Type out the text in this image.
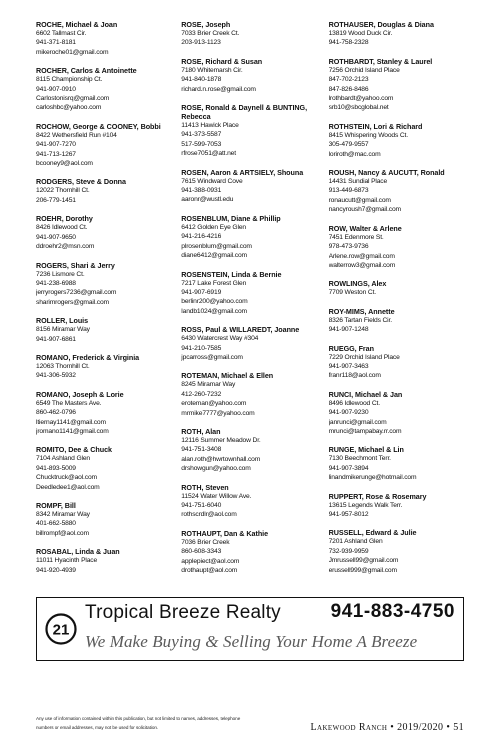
ROCHE, Michael & Joan
6602 Tallmast Cir.
941-371-8181
mikeroche01@gmail.com
ROCHER, Carlos & Antoinette
8115 Championship Ct.
941-907-0910
Carlostonisrq@gmail.com
carloshbc@yahoo.com
ROCHOW, George & COONEY, Bobbi
8422 Wethersfield Run #104
941-907-7270
941-713-1267
bcooney9@aol.com
RODGERS, Steve & Donna
12022 Thornhill Ct.
206-779-1451
ROEHR, Dorothy
8426 Idlewood Ct.
941-907-9650
ddroehr2@msn.com
ROGERS, Shari & Jerry
7236 Lismore Ct.
941-238-6988
jerryrogers7236@gmail.com
sharimrogers@gmail.com
ROLLER, Louis
8156 Miramar Way
941-907-6861
ROMANO, Frederick & Virginia
12063 Thornhill Ct.
941-306-5932
ROMANO, Joseph & Lorie
6549 The Masters Ave.
860-462-0796
ltiernay1141@gmail.com
jromano1141@gmail.com
ROMITO, Dee & Chuck
7104 Ashland Glen
941-893-5009
Chucktruck@aol.com
Deedledee1@aol.com
ROMPF, Bill
8342 Miramar Way
401-662-5880
billrompf@aol.com
ROSABAL, Linda & Juan
11011 Hyacinth Place
941-920-4939
ROSE, Joseph
7033 Brier Creek Ct.
203-913-1123
ROSE, Richard & Susan
7180 Whitemarsh Cir.
941-840-1878
richard.n.rose@gmail.com
ROSE, Ronald & Daynell & BUNTING, Rebecca
11413 Hawick Place
941-373-5587
517-599-7053
rfrose7051@att.net
ROSEN, Aaron & ARTSIELY, Shouna
7615 Windward Cove
941-388-0931
aaronr@wustl.edu
ROSENBLUM, Diane & Phillip
6412 Golden Eye Glen
941-216-4216
plrosenblum@gmail.com
diane6412@gmail.com
ROSENSTEIN, Linda & Bernie
7217 Lake Forest Glen
941-907-6919
berlinr200@yahoo.com
landb1024@gmail.com
ROSS, Paul & WILLAREDT, Joanne
6430 Watercrest Way #304
941-210-7585
jpcarross@gmail.com
ROTEMAN, Michael & Ellen
8245 Miramar Way
412-260-7232
eroteman@yahoo.com
mrmike7777@yahoo.com
ROTH, Alan
12116 Summer Meadow Dr.
941-751-3408
alan.roth@hwrtownhall.com
drshowgun@yahoo.com
ROTH, Steven
11524 Water Willow Ave.
941-751-6040
rothscrdlr@aol.com
ROTHAUPT, Dan & Kathie
7036 Brier Creek
860-608-3343
applepiect@aol.com
drothaupt@aol.com
ROTHAUSER, Douglas & Diana
13819 Wood Duck Cir.
941-758-2328
ROTHBARDT, Stanley & Laurel
7256 Orchid Island Place
847-702-2123
847-826-8486
lrothbardt@yahoo.com
srb10@sbcglobal.net
ROTHSTEIN, Lori & Richard
8415 Whispering Woods Ct.
305-479-9557
loriroth@mac.com
ROUSH, Nancy & AUCUTT, Ronald
14431 Sundial Place
913-449-6873
ronaucutt@gmail.com
nancyroush7@gmail.com
ROW, Walter & Arlene
7451 Edenmore St.
978-473-9736
Arlene.row@gmail.com
walterrow3@gmail.com
ROWLINGS, Alex
7709 Weston Ct.
ROY-MIMS, Annette
8326 Tartan Fields Cir.
941-907-1248
RUEGG, Fran
7229 Orchid Island Place
941-907-3463
franr118@aol.com
RUNCI, Michael & Jan
8496 Idlewood Ct.
941-907-9230
janrunci@gmail.com
mrunci@tampabay.rr.com
RUNGE, Michael & Lin
7130 Beechmont Terr.
941-907-3894
linandmikerunge@hotmail.com
RUPPERT, Rose & Rosemary
13615 Legends Walk Terr.
941-957-8012
RUSSELL, Edward & Julie
7201 Ashland Glen
732-939-9959
Jmrussell99@gmail.com
erussell999@gmail.com
21
Tropical Breeze Realty	941-883-4750
We Make Buying & Selling Your Home A Breeze
Any use of information contained within this publication, but not limited to names, addresses, telephone numbers or email addresses, may not be used for solicitation.	Lakewood Ranch • 2019/2020 • 51
